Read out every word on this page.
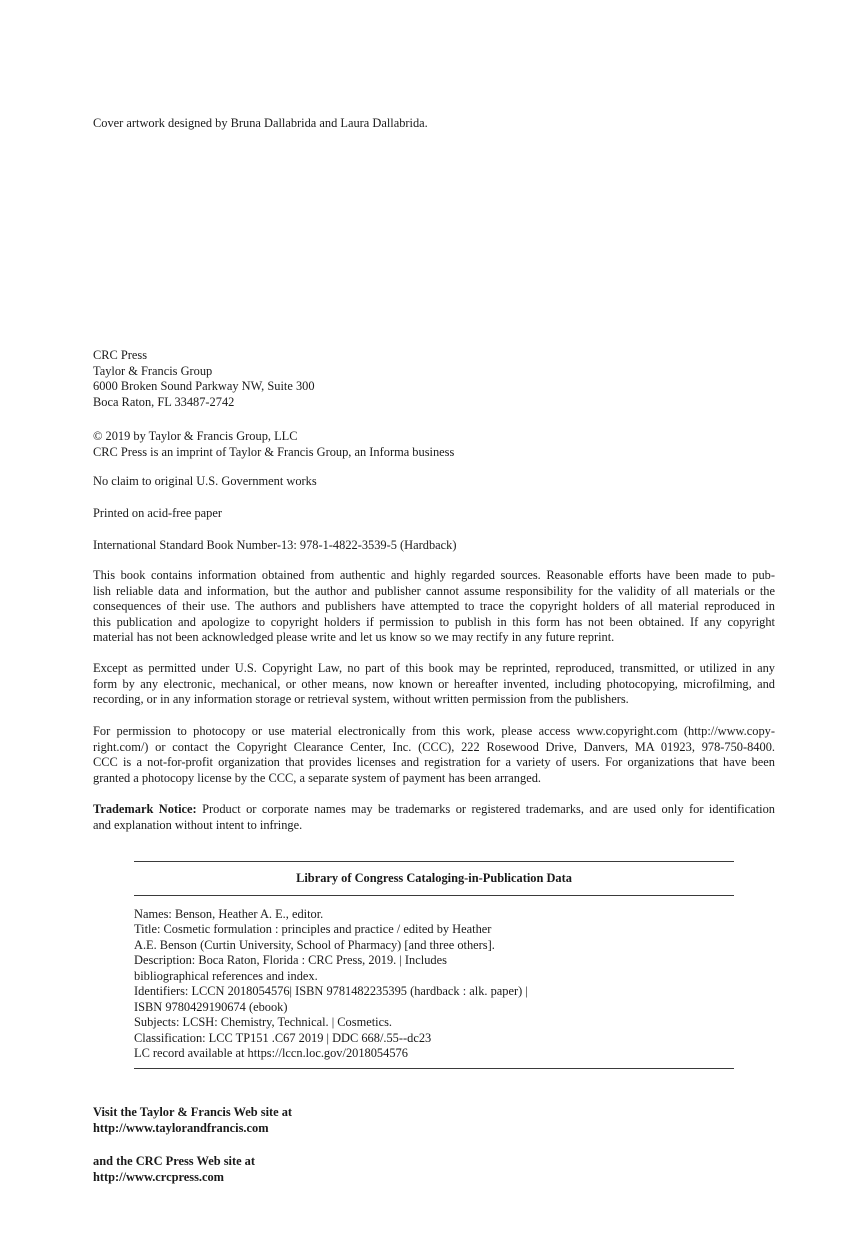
Cover artwork designed by Bruna Dallabrida and Laura Dallabrida.
CRC Press
Taylor & Francis Group
6000 Broken Sound Parkway NW, Suite 300
Boca Raton, FL 33487-2742
© 2019 by Taylor & Francis Group, LLC
CRC Press is an imprint of Taylor & Francis Group, an Informa business
No claim to original U.S. Government works
Printed on acid-free paper
International Standard Book Number-13: 978-1-4822-3539-5 (Hardback)
This book contains information obtained from authentic and highly regarded sources. Reasonable efforts have been made to pub-
lish reliable data and information, but the author and publisher cannot assume responsibility for the validity of all materials or the
consequences of their use. The authors and publishers have attempted to trace the copyright holders of all material reproduced in
this publication and apologize to copyright holders if permission to publish in this form has not been obtained. If any copyright
material has not been acknowledged please write and let us know so we may rectify in any future reprint.
Except as permitted under U.S. Copyright Law, no part of this book may be reprinted, reproduced, transmitted, or utilized in any
form by any electronic, mechanical, or other means, now known or hereafter invented, including photocopying, microfilming, and
recording, or in any information storage or retrieval system, without written permission from the publishers.
For permission to photocopy or use material electronically from this work, please access www.copyright.com (http://www.copy-
right.com/) or contact the Copyright Clearance Center, Inc. (CCC), 222 Rosewood Drive, Danvers, MA 01923, 978-750-8400.
CCC is a not-for-profit organization that provides licenses and registration for a variety of users. For organizations that have been
granted a photocopy license by the CCC, a separate system of payment has been arranged.
Trademark Notice: Product or corporate names may be trademarks or registered trademarks, and are used only for identification
and explanation without intent to infringe.
Library of Congress Cataloging-in-Publication Data
Names: Benson, Heather A. E., editor.
Title: Cosmetic formulation : principles and practice / edited by Heather
A.E. Benson (Curtin University, School of Pharmacy) [and three others].
Description: Boca Raton, Florida : CRC Press, 2019. | Includes
bibliographical references and index.
Identifiers: LCCN 2018054576| ISBN 9781482235395 (hardback : alk. paper) |
ISBN 9780429190674 (ebook)
Subjects: LCSH: Chemistry, Technical. | Cosmetics.
Classification: LCC TP151 .C67 2019 | DDC 668/.55--dc23
LC record available at https://lccn.loc.gov/2018054576
Visit the Taylor & Francis Web site at
http://www.taylorandfrancis.com
and the CRC Press Web site at
http://www.crcpress.com
